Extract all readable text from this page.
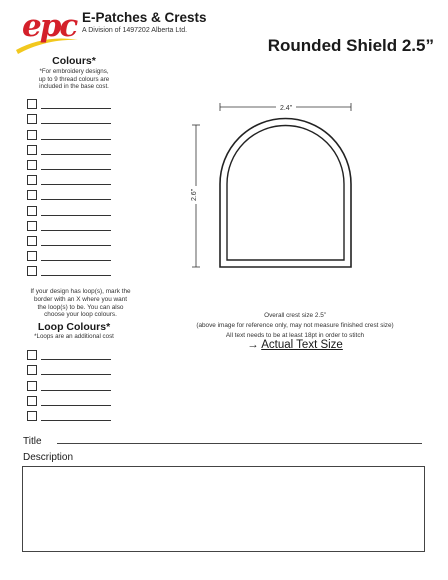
epc E-Patches & Crests
A Division of 1497202 Alberta Ltd.
Rounded Shield 2.5”
Colours*
*For embroidery designs,
up to 9 thread colours are
included in the base cost.
If your design has loop(s), mark the
border with an X where you want
the loop(s) to be. You can also
choose your loop colours.
Loop Colours*
*Loops are an additional cost
2.4”
2.6”
Overall crest size 2.5”
(above image for reference only, may not measure finished crest size)
All text needs to be at least 18pt in order to stitch
→ Actual Text Size
Title
Description
